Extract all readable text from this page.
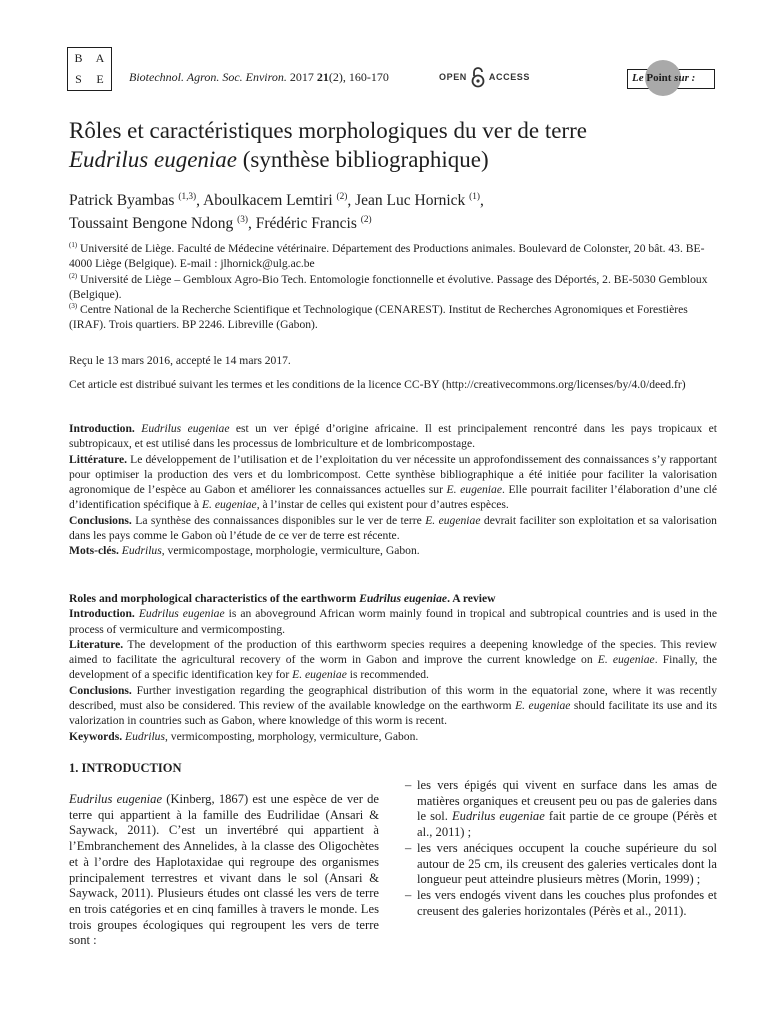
B A
S E Biotechnol. Agron. Soc. Environ. 2017 21(2), 160-170	OPEN ACCESS	Le Point sur :
Rôles et caractéristiques morphologiques du ver de terre
Eudrilus eugeniae (synthèse bibliographique)
Patrick Byambas $^{(1,3)}$, Aboulkacem Lemtiri $^{(2)}$, Jean Luc Hornick $^{(1)}$,
Toussaint Bengone Ndong $^{(3)}$, Frédéric Francis $^{(2)}$

$^{(1)}$ Université de Liège. Faculté de Médecine vétérinaire. Département des Productions animales. Boulevard de Colonster, 20 bât. 43. BE-4000 Liège (Belgique). E-mail : jlhornick@ulg.ac.be

$^{(2)}$ Université de Liège – Gembloux Agro-Bio Tech. Entomologie fonctionnelle et évolutive. Passage des Déportés, 2. BE-5030 Gembloux (Belgique).

$^{(3)}$ Centre National de la Recherche Scientifique et Technologique (CENAREST). Institut de Recherches Agronomiques et Forestières (IRAF). Trois quartiers. BP 2246. Libreville (Gabon).

Reçu le 13 mars 2016, accepté le 14 mars 2017.
Cet article est distribué suivant les termes et les conditions de la licence CC-BY (http://creativecommons.org/licenses/by/4.0/deed.fr)

Introduction. Eudrilus eugeniae est un ver épigé d’origine africaine. Il est principalement rencontré dans les pays tropicaux et subtropicaux, et est utilisé dans les processus de lombriculture et de lombricompostage.

Littérature. Le développement de l’utilisation et de l’exploitation du ver nécessite un approfondissement des connaissances s’y rapportant pour optimiser la production des vers et du lombricompost. Cette synthèse bibliographique a été initiée pour faciliter la valorisation agronomique de l’espèce au Gabon et améliorer les connaissances actuelles sur E. eugeniae. Elle pourrait faciliter l’élaboration d’une clé d’identification spécifique à E. eugeniae, à l’instar de celles qui existent pour d’autres espèces.

Conclusions. La synthèse des connaissances disponibles sur le ver de terre E. eugeniae devrait faciliter son exploitation et sa valorisation dans les pays comme le Gabon où l’étude de ce ver de terre est récente.

Mots-clés. Eudrilus, vermicompostage, morphologie, vermiculture, Gabon.

Roles and morphological characteristics of the earthworm Eudrilus eugeniae. A review

Introduction. Eudrilus eugeniae is an aboveground African worm mainly found in tropical and subtropical countries and is used in the process of vermiculture and vermicomposting.

Literature. The development of the production of this earthworm species requires a deepening knowledge of the species. This review aimed to facilitate the agricultural recovery of the worm in Gabon and improve the current knowledge on E. eugeniae. Finally, the development of a specific identification key for E. eugeniae is recommended.

Conclusions. Further investigation regarding the geographical distribution of this worm in the equatorial zone, where it was recently described, must also be considered. This review of the available knowledge on the earthworm E. eugeniae should facilitate its use and its valorization in countries such as Gabon, where knowledge of this worm is recent.

Keywords. Eudrilus, vermicomposting, morphology, vermiculture, Gabon.

1. INTRODUCTION
Eudrilus eugeniae (Kinberg, 1867) est une espèce de ver de terre qui appartient à la famille des Eudrilidae (Ansari & Saywack, 2011). C’est un invertébré qui appartient à l’Embranchement des Annelides, à la classe des Oligochètes et à l’ordre des Haplotaxidae qui regroupe des organismes principalement terrestres et vivant dans le sol (Ansari & Saywack, 2011). Plusieurs études ont classé les vers de terre en trois catégories et en cinq familles à travers le monde. Les trois groupes écologiques qui regroupent les vers de terre sont :
– les vers épigés qui vivent en surface dans les amas de matières organiques et creusent peu ou pas de galeries dans le sol. Eudrilus eugeniae fait partie de ce groupe (Pérès et al., 2011) ;
– les vers anéciques occupent la couche supérieure du sol autour de 25 cm, ils creusent des galeries verticales dont la longueur peut atteindre plusieurs mètres (Morin, 1999) ;
– les vers endogés vivent dans les couches plus profondes et creusent des galeries horizontales (Pérès et al., 2011).
